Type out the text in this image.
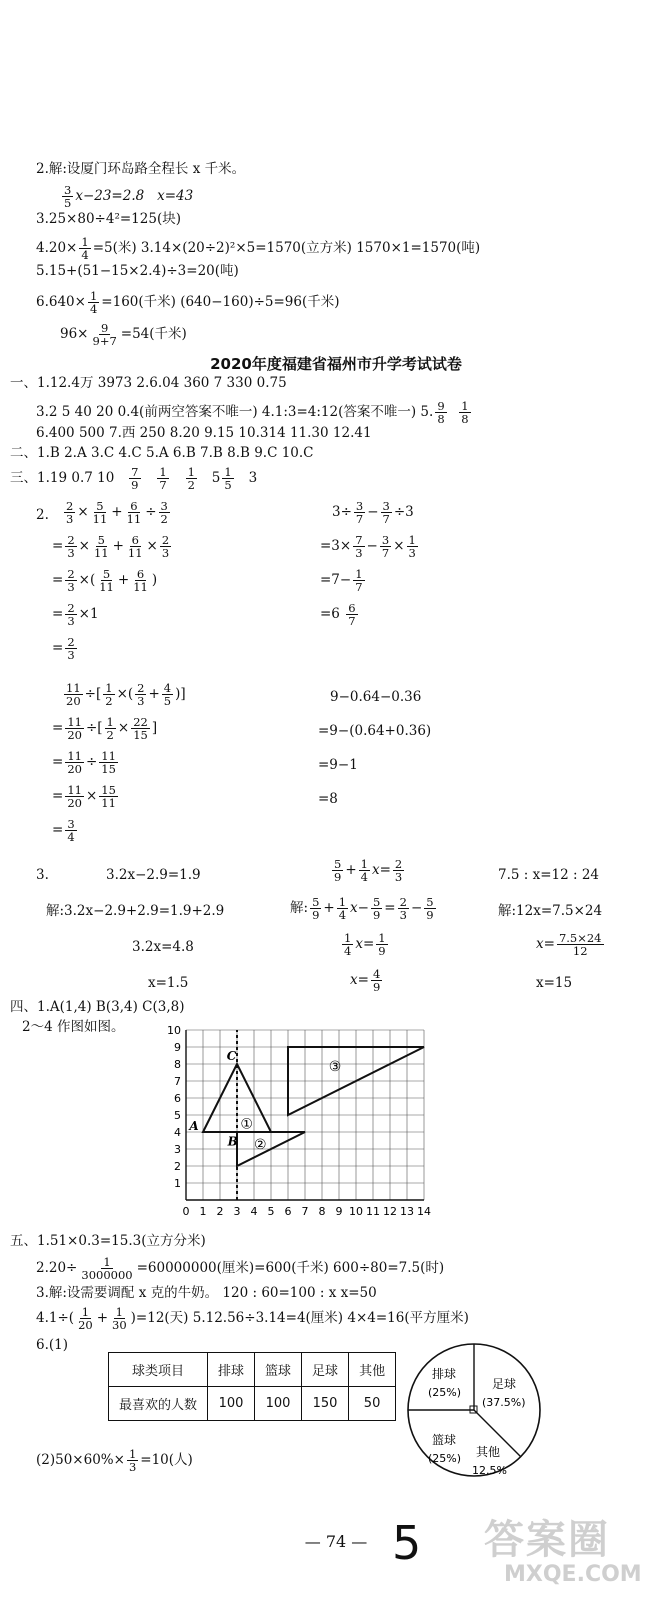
2.解:设厦门环岛路全程长 x 千米。
$\frac{3}{5} x-23=2.8$ x=43
3.25×80÷4²=125(块)
$4.20\times \frac{1}{4} =5$(米) 3.14×(20÷2)²×5=1570(立方米) 1570×1=1570(吨)
5.15+(51−15×2.4)÷3=20(吨)
$6.640\times \frac{1}{4} =160$(千米) (640−160)÷5=96(千米)
$96\times \frac{9}{9+7} =54$(千米)
2020年度福建省福州市升学考试试卷
一、1.12.4万 3973 2.6.04 360 7 330 0.75
3.2 5 40 20 0.4(前两空答案不唯一) 4.1:3=4:12(答案不唯一) 5. $\frac{9}{8}$
$\frac{1}{8}$
6.400 500 7.西 250 8.20 9.15 10.314 11.30 12.41
二、1.B 2.A 3.C 4.C 5.A 6.B 7.B 8.B 9.C 10.C
三、1.19 0.7 $10 \frac{7}{9}$
$\frac{1}{7}$
$\frac{1}{2} 5 \frac{1}{5} 3$
2. $\frac{2}{3} \times \frac{5}{11} + \frac{6}{11} \div \frac{3}{2}$
= $\frac{2}{3} \times \frac{5}{11} + \frac{6}{11} \times \frac{2}{3}$
= $\frac{2}{3}$ ×( $\frac{5}{11} + \frac{6}{11}$ )
= $\frac{2}{3} \times 1$
= $\frac{2}{3}$
$\frac{11}{20}$ ÷[ $\frac{1}{2}$ ×( $\frac{2}{3} + \frac{4}{5}$ )]
= $\frac{11}{20}$ ÷[ $\frac{1}{2} \times \frac{22}{15}$ ]
= $\frac{11}{20} \div \frac{11}{15}$
= $\frac{11}{20} \times \frac{15}{11}$
= $\frac{3}{4}$
$3\div \frac{3}{7} - \frac{3}{7} \div 3$
$=3\times \frac{7}{3} - \frac{3}{7} \times \frac{1}{3}$
$=7- \frac{1}{7}$
$=6 \frac{6}{7}$
9−0.64−0.36
=9−(0.64+0.36)
=9−1
=8
3.	3.2x−2.9=1.9
解:3.2x−2.9+2.9=1.9+2.9
3.2x=4.8
x=1.5
$\frac{5}{9} + \frac{1}{4} x= \frac{2}{3}$
解: $\frac{5}{9} + \frac{1}{4} x- \frac{5}{9} = \frac{2}{3} - \frac{5}{9}$
$\frac{1}{4} x= \frac{1}{9}$
$x= \frac{4}{9}$
7.5 : x=12 : 24
解:12x=7.5×24
$x= \frac{7.5\times 24}{12}$
x=15
四、1.A(1,4) B(3,4) C(3,8)
2～4 作图如图。
0 1 2 3 4 5 6 7 8 9 10 11 12 13 14
1
2
3
4
5
6
7
8
9
10
A
B
C
①
②
③
五、1.51×0.3=15.3(立方分米)
$2.20\div \frac{1}{3000000} =60000000$(厘米)=600(千米) 600÷80=7.5(时)
3.解:设需要调配 x 克的牛奶。 120 : 60=100 : x x=50
$4.1\div( \frac{1}{20} + \frac{1}{30} )=12$(天) 5.12.56÷3.14=4(厘米) 4×4=16(平方厘米)
6.(1)
球类项目	排球	篮球	足球	其他
最喜欢的人数	100	100	150	50
排球
(25%)
足球
(37.5%)
篮球
(25%) 其他
12.5%
$(2)50\times 60\%\times \frac{1}{3} =10$(人)
— 74 — 5 答案圈
MXQE.COM
